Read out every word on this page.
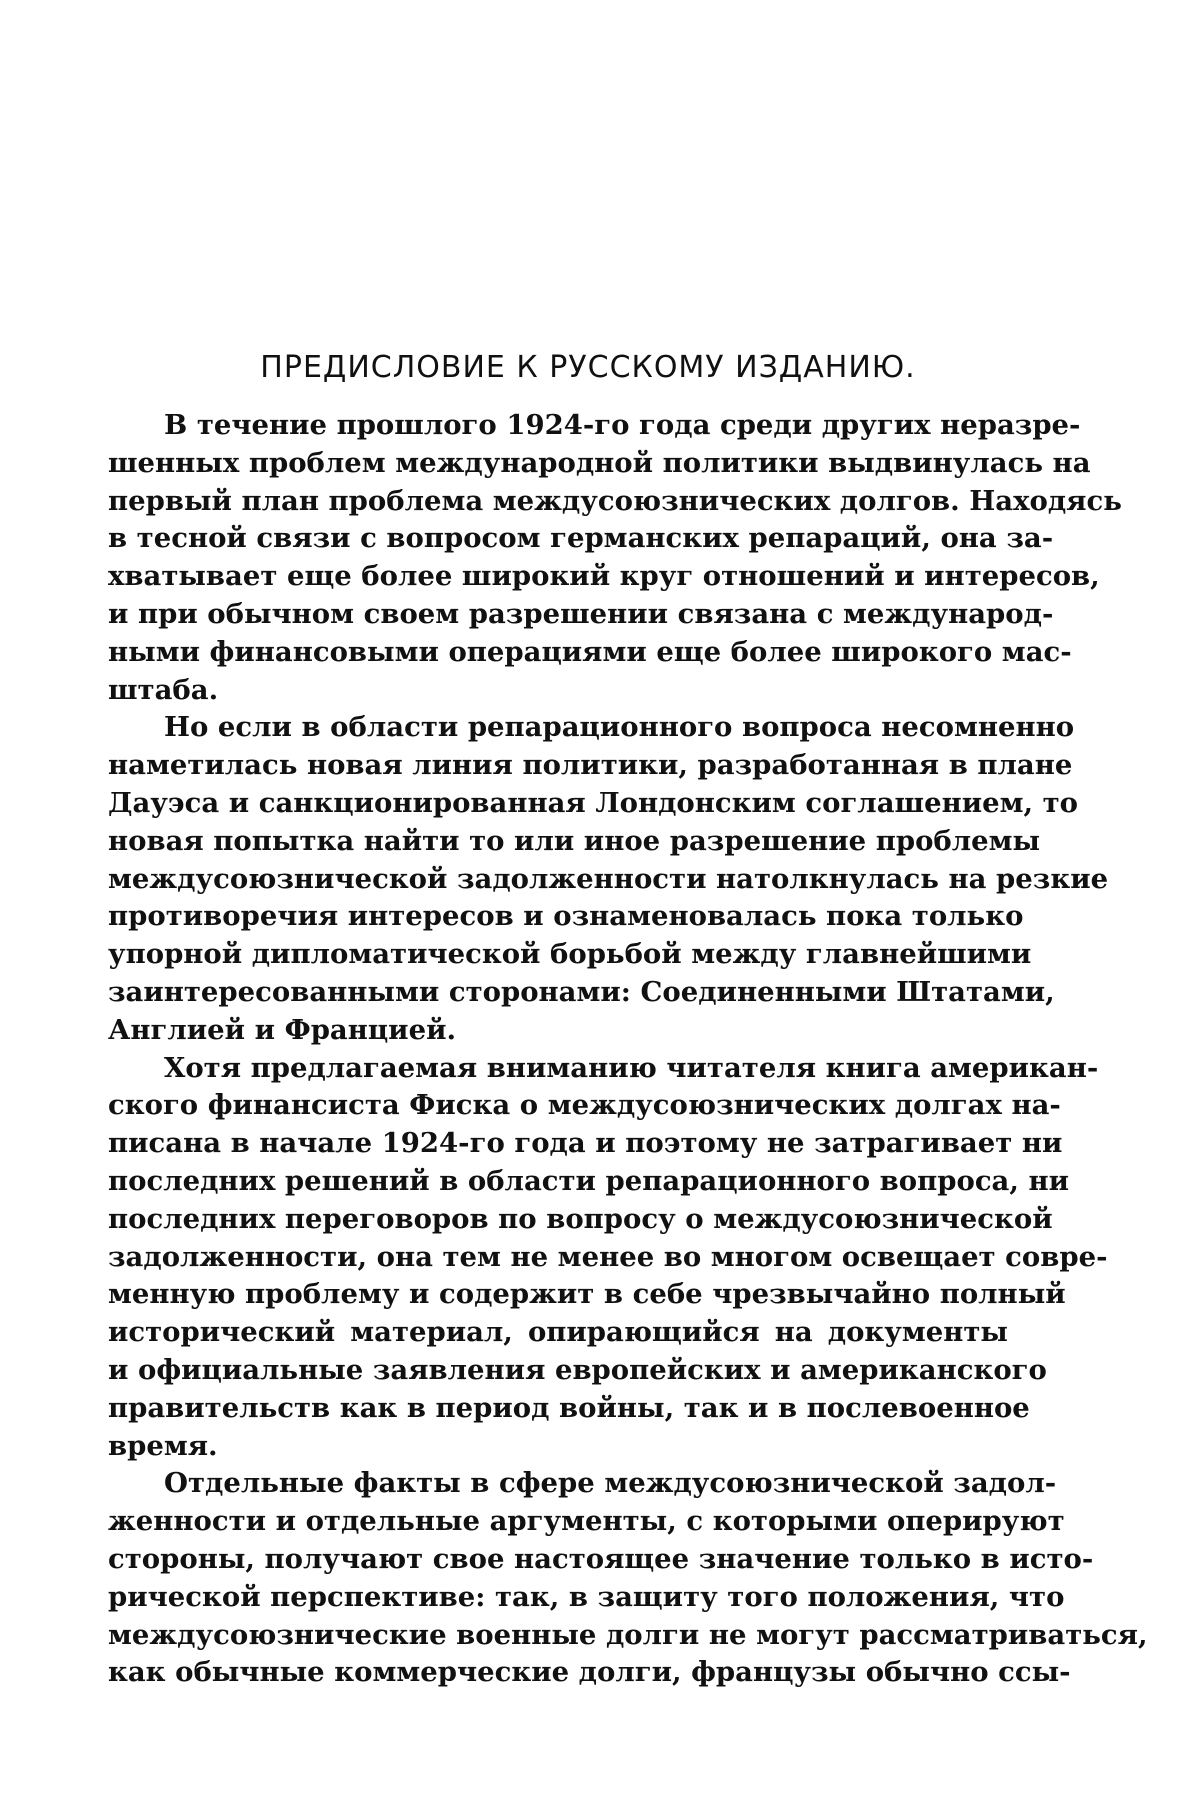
ПРЕДИСЛОВИЕ К РУССКОМУ ИЗДАНИЮ.
В течение прошлого 1924-го года среди других неразре-
шенных проблем международной политики выдвинулась на
первый план проблема междусоюзнических долгов. Находясь
в тесной связи с вопросом германских репараций, она за-
хватывает еще более широкий круг отношений и интересов,
и при обычном своем разрешении связана с международ-
ными финансовыми операциями еще более широкого мас-
штаба.
Но если в области репарационного вопроса несомненно
наметилась новая линия политики, разработанная в плане
Дауэса и санкционированная Лондонским соглашением, то
новая попытка найти то или иное разрешение проблемы
междусоюзнической задолженности натолкнулась на резкие
противоречия интересов и ознаменовалась пока только
упорной дипломатической борьбой между главнейшими
заинтересованными сторонами: Соединенными Штатами,
Англией и Францией.
Хотя предлагаемая вниманию читателя книга американ-
ского финансиста Фиска о междусоюзнических долгах на-
писана в начале 1924-го года и поэтому не затрагивает ни
последних решений в области репарационного вопроса, ни
последних переговоров по вопросу о междусоюзнической
задолженности, она тем не менее во многом освещает совре-
менную проблему и содержит в себе чрезвычайно полный
исторический материал, опирающийся на документы
и официальные заявления европейских и американского
правительств как в период войны, так и в послевоенное
время.
Отдельные факты в сфере междусоюзнической задол-
женности и отдельные аргументы, с которыми оперируют
стороны, получают свое настоящее значение только в исто-
рической перспективе: так, в защиту того положения, что
междусоюзнические военные долги не могут рассматриваться,
как обычные коммерческие долги, французы обычно ссы-
